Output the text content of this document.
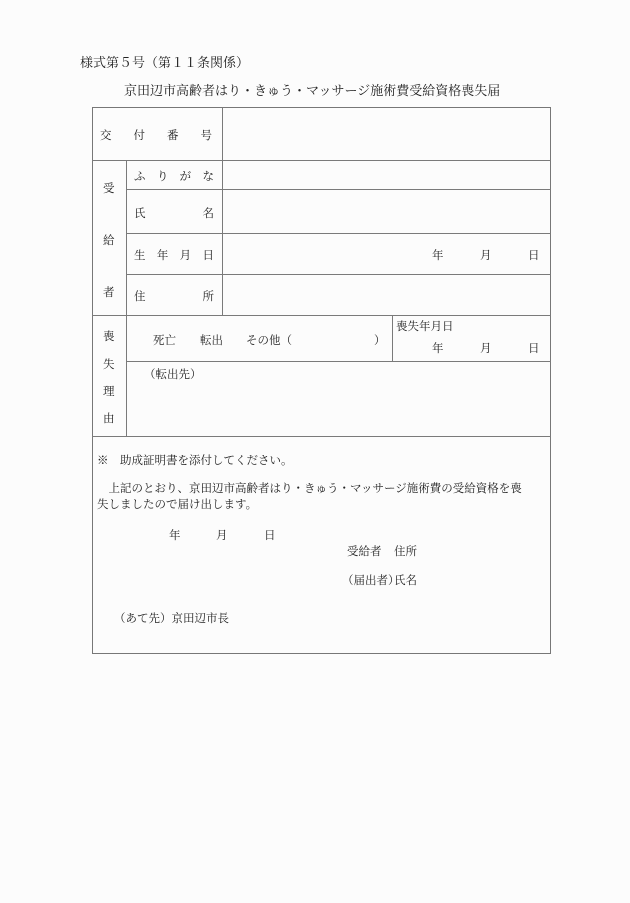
様式第５号（第１１条関係）
京田辺市高齢者はり・きゅう・マッサージ施術費受給資格喪失届
交 付 番 号
受
給
者
ふ り が な
氏	名
生 年 月 日	年	月	日
住	所
喪
失
理
由
死亡 転出 その他（	）
喪失年月日
年	月	日
（転出先）
※　助成証明書を添付してください。
　上記のとおり、京田辺市高齢者はり・きゅう・マッサージ施術費の受給資格を喪
失しましたので届け出します。
年	月	日
受給者 住所
（届出者）
氏名
（あて先）京田辺市長
